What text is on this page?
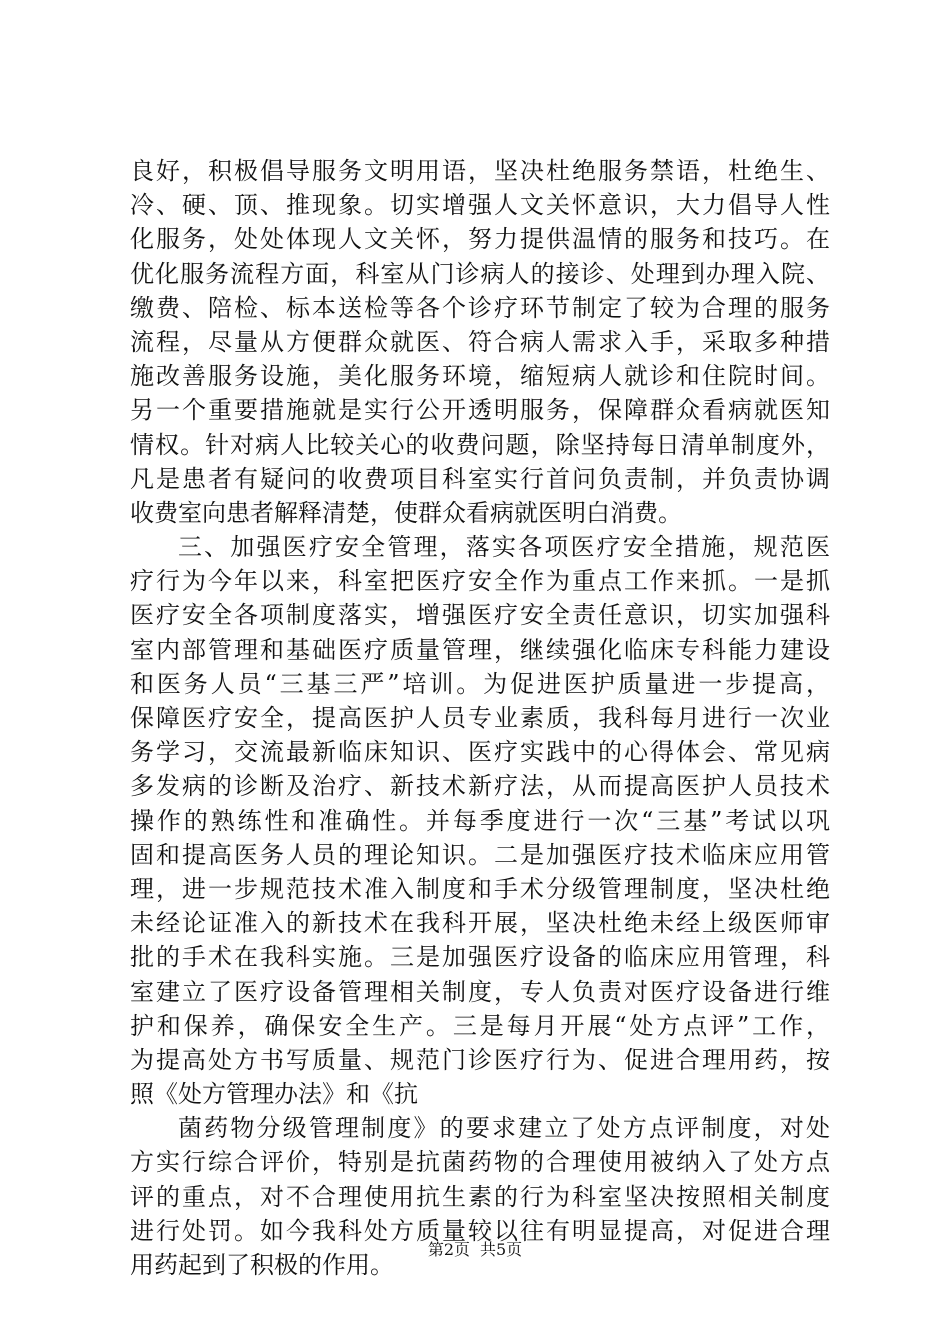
良好，积极倡导服务文明用语，坚决杜绝服务禁语，杜绝生、
冷、硬、顶、推现象。切实增强人文关怀意识，大力倡导人性
化服务，处处体现人文关怀，努力提供温情的服务和技巧。在
优化服务流程方面，科室从门诊病人的接诊、处理到办理入院、
缴费、陪检、标本送检等各个诊疗环节制定了较为合理的服务
流程，尽量从方便群众就医、符合病人需求入手，采取多种措
施改善服务设施，美化服务环境，缩短病人就诊和住院时间。
另一个重要措施就是实行公开透明服务，保障群众看病就医知
情权。针对病人比较关心的收费问题，除坚持每日清单制度外，
凡是患者有疑问的收费项目科室实行首问负责制，并负责协调
收费室向患者解释清楚，使群众看病就医明白消费。
三、加强医疗安全管理，落实各项医疗安全措施，规范医
疗行为今年以来，科室把医疗安全作为重点工作来抓。一是抓
医疗安全各项制度落实，增强医疗安全责任意识，切实加强科
室内部管理和基础医疗质量管理，继续强化临床专科能力建设
和医务人员“三基三严”培训。为促进医护质量进一步提高，
保障医疗安全，提高医护人员专业素质，我科每月进行一次业
务学习，交流最新临床知识、医疗实践中的心得体会、常见病
多发病的诊断及治疗、新技术新疗法，从而提高医护人员技术
操作的熟练性和准确性。并每季度进行一次“三基”考试以巩
固和提高医务人员的理论知识。二是加强医疗技术临床应用管
理，进一步规范技术准入制度和手术分级管理制度，坚决杜绝
未经论证准入的新技术在我科开展，坚决杜绝未经上级医师审
批的手术在我科实施。三是加强医疗设备的临床应用管理，科
室建立了医疗设备管理相关制度，专人负责对医疗设备进行维
护和保养，确保安全生产。三是每月开展“处方点评”工作，
为提高处方书写质量、规范门诊医疗行为、促进合理用药，按
照《处方管理办法》和《抗
菌药物分级管理制度》的要求建立了处方点评制度，对处
方实行综合评价，特别是抗菌药物的合理使用被纳入了处方点
评的重点，对不合理使用抗生素的行为科室坚决按照相关制度
进行处罚。如今我科处方质量较以往有明显提高，对促进合理
用药起到了积极的作用。
第2页 共5页
